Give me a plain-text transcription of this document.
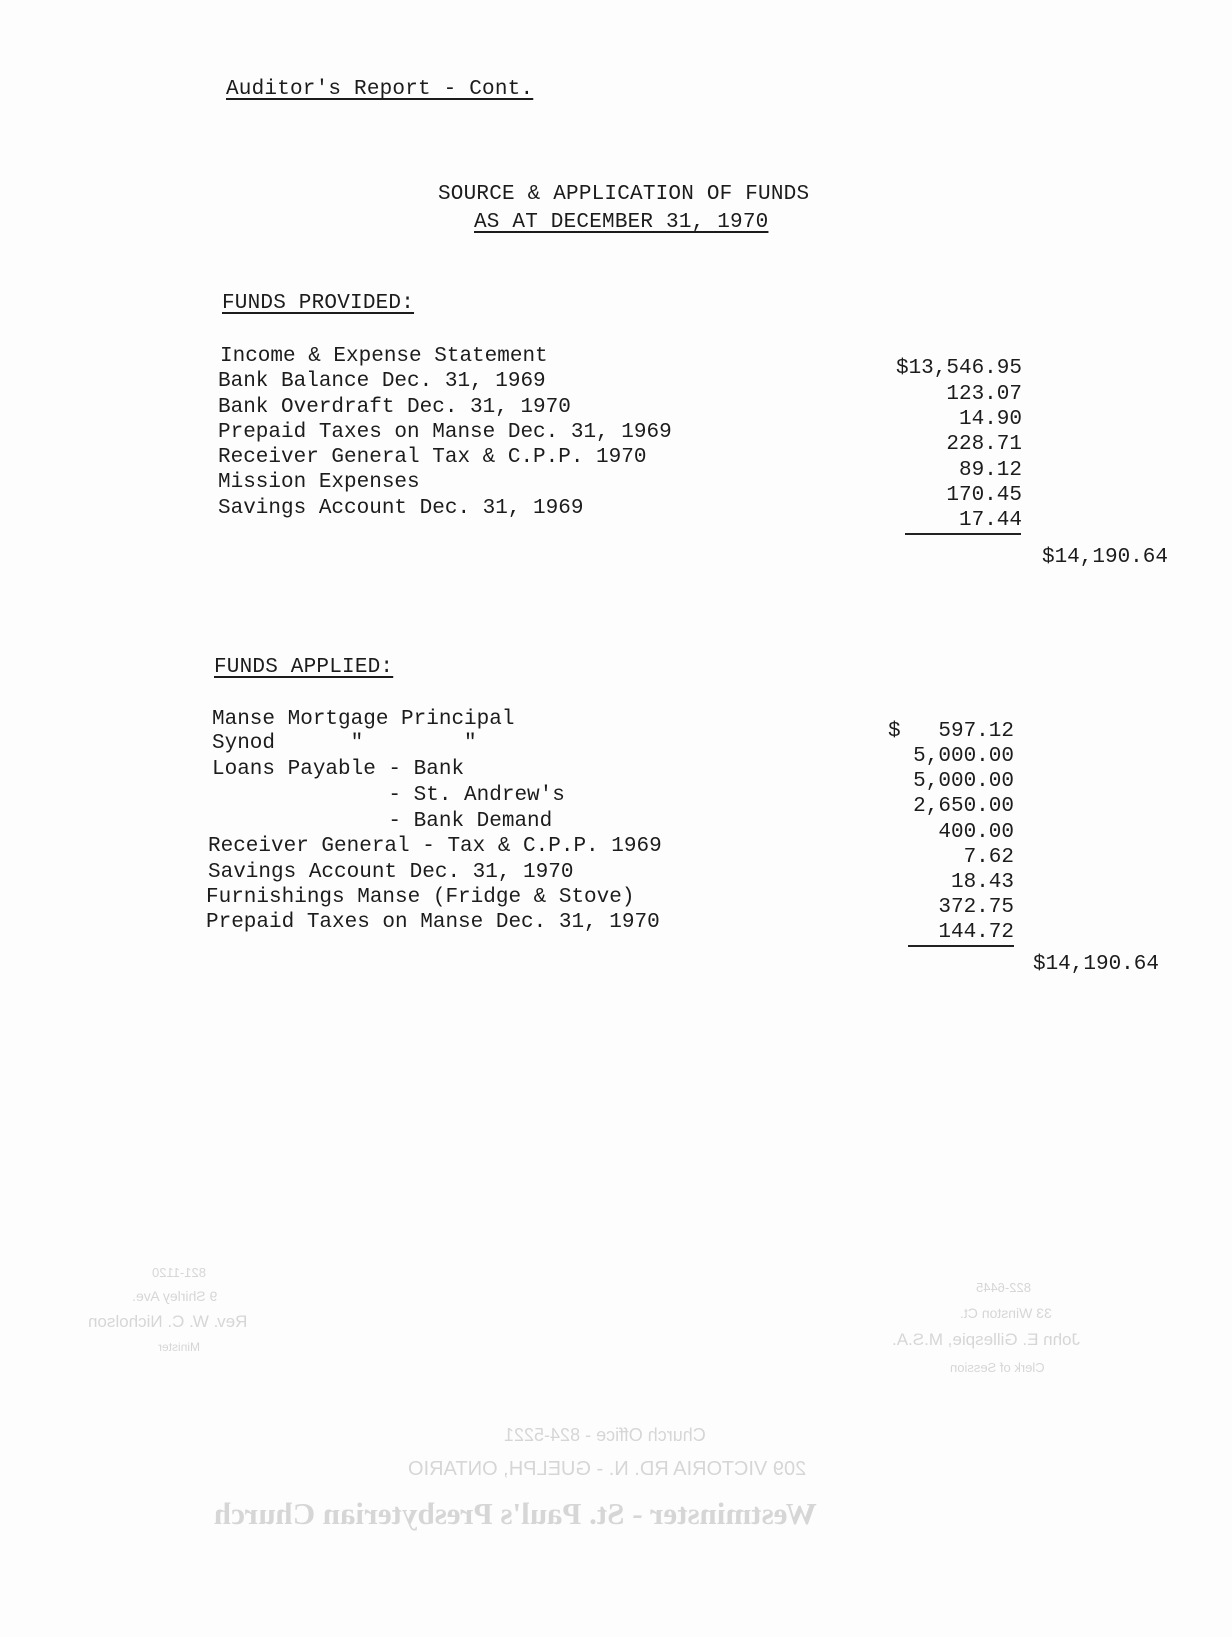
Auditor's Report - Cont.
SOURCE & APPLICATION OF FUNDS
AS AT DECEMBER 31, 1970
FUNDS PROVIDED:
Income & Expense Statement
Bank Balance Dec. 31, 1969
Bank Overdraft Dec. 31, 1970
Prepaid Taxes on Manse Dec. 31, 1969
Receiver General Tax & C.P.P. 1970
Mission Expenses
Savings Account Dec. 31, 1969
$13,546.95
123.07
14.90
228.71
89.12
170.45
17.44
$14,190.64
FUNDS APPLIED:
Manse Mortgage Principal
Synod      "        "
Loans Payable - Bank
- St. Andrew's
- Bank Demand
Receiver General - Tax & C.P.P. 1969
Savings Account Dec. 31, 1970
Furnishings Manse (Fridge & Stove)
Prepaid Taxes on Manse Dec. 31, 1970
$   597.12
5,000.00
5,000.00
2,650.00
400.00
7.62
18.43
372.75
144.72
$14,190.64
821-1120
9 Shirley Ave.
Rev. W. C. Nicholson
Minister
822-6445
33 Winston Ct.
John E. Gillespie, M.S.A.
Clerk of Session
Church Office - 824-5221
209 VICTORIA RD. N. - GUELPH, ONTARIO
Westminster - St. Paul's Presbyterian Church
